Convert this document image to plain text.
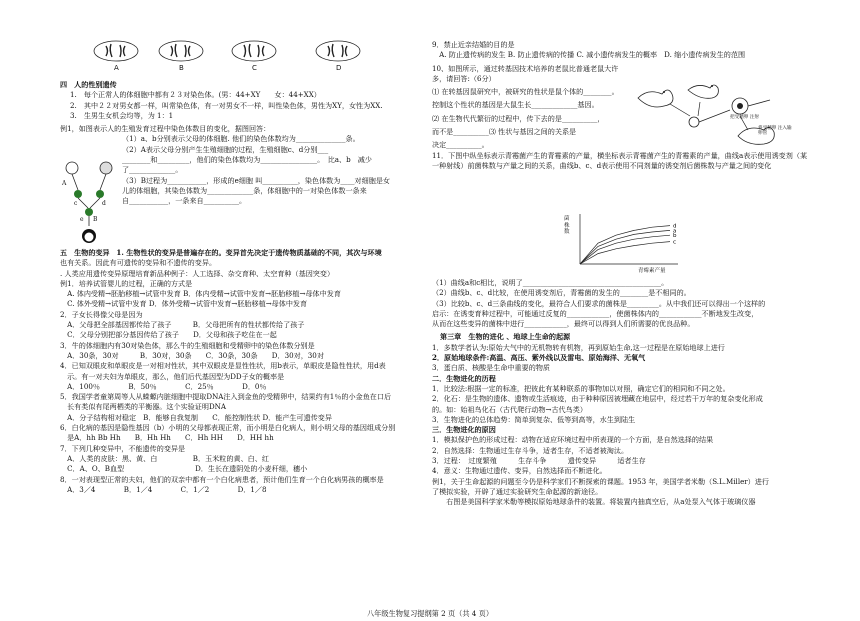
A	B	C	D
四　人的性别遗传
1.　每个正常人的体细胞中都有２３对染色体。(男：44+XY　　女：44+XX）
2.　其中２２对男女都一样，叫常染色体，有一对男女不一样，叫性染色体，男性为XY，女性为XX.
3.　生男生女机会均等，为 1：1
例1，如图表示人的生殖发育过程中染色体数目的变化，据图回答：
（1）a、b分别表示父母的体细胞. 他们的染色体数均为______________条。
（2）A表示父母分别产生生殖细胞的过程，生殖细胞c、d分别___
________和_________，他们的染色体数均为________________。　比a、b　减少
了_____________。
（3）B过程为___________，形成的e细胞 叫__________，染色体数为____对细胞是女
儿的体细胞，其染色体数为_____________条，体细胞中的一对染色体数一条来
自___________，一条来自__________。
A
c	d
B
e
五　生物的变异 1. 生物性状的变异是普遍存在的。变异首先决定于遗传物质基础的不同，其次与环境
也有关系。因此有可遗传的变异和不遗传的变异。
. 人类应用遗传变异原理培育新品种例子：人工选择、杂交育种、太空育种（基因突变）
例1．培养试管婴儿的过程，正确的方式是
　A. 体内受精→胚胎移植→试管中发育 B．体内受精→试管中发育→胚胎移植→母体中发育
　C. 体外受精→试管中发育 D．体外受精→试管中发育→胚胎移植→母体中发育
2．子女长得像父母是因为
　A．父母把全部基因都传给了孩子　　　B．父母把所有的性状都传给了孩子
　C．父母分别把部分基因传给了孩子　　D．父母和孩子吃住在一起
3．牛的体细胞内有30对染色体，那么牛的生殖细胞和受精卵中的染色体数分别是
　A．30条，30对　　　B．30对，30条　　C．30条，30条　　D．30对，30对
4．已知双眼皮和单眼皮是一对相对性状，其中双眼皮是显性性状，用b表示，单眼皮是隐性性状，用d表
　示。有一对夫妇为单眼皮，那么，他们后代基因型为DD子女的概率是
　A．100％　　　　B．50％　　　　C．25％　　　　D．0％
5．我国学者童第周等人从蝾螈内脏细胞中提取DNA注入到金鱼的受精卵中，结果约有1％的小金鱼在口后
　长有类似有尾两栖类的平衡器。这个实验证明DNA
　A．分子结构相对稳定　B．能够自我复制　　C．能控制性状 D．能产生可遗传变异
6．白化病的基因是隐性基因（b）小明的父母都表现正常，而小明是白化病人，则小明父母的基因组成分别
　是A．hh Bb Hh　　B．Hh Hh　　C．Hh HH　　D．HH hh
7．下列几种变异中，不能遗传的变异是
　A．人类的皮肤：黑、黄、白　　　　　B．玉米粒的黄、白、红
　C．A、O、B血型　　　　　　　　　　D．生长在遗阴处的小麦秆细，穗小
8．一对表现型正常的夫妇，他们的双亲中都有一个白化病患者，预计他们生育一个白化病男孩的概率是
　A．3／4　　　　B．1／4　　　　C．1／2　　　　D．1／8
9．禁止近亲结婚的目的是
　A. 防止遗传病的发生 B. 防止遗传病的传播 C. 减小遗传病发生的概率　D. 缩小遗传病发生的范围
10、如图所示，通过转基因技术培养的老鼠比普通老鼠大许
多，请回答:（6分）
⑴ 在转基因鼠研究中，被研究的性状是鼠个体的________。
控制这个性状的基因是大鼠生长_____________基因。
⑵ 在生物代代繁衍的过程中，传下去的是__________，
而不是__________⑶ 性状与基因之间的关系是
决定__________。
11．下图中纵坐标表示青霉菌产生的青霉素的产量，横坐标表示青霉菌产生的青霉素的产量，曲线a表示使用诱变剂（某
一种射线）前菌株数与产量之间的关系，曲线b、c、d表示使用不同剂量的诱变剂后菌株数与产量之间的变化
把受精卵 注射
将受精卵 注入输卵管
d
a
b
c
菌株数
青霉素产量
（1）曲线a和c相比，说明了_______________________________________。
（2）曲线b、c、d比较，在使用诱变剂后，青霉菌的发生的________是不相同的。
（3）比较b、c、d三条曲线的变化，最符合人们要求的菌株是_________。从中我们还可以得出一个这样的
启示：在诱变育种过程中，可能通过反复的____________，使菌株体内的____________不断地发生改变，
从而在这些变异的菌株中进行____________，最终可以得到人们所需要的优良品种。
第三章　生物的进化 、地球上生命的起源
1．多数学者认为:原始大气中的无机物转有机物，再到原始生命,这一过程是在原始地球上进行
2．原始地球条件:高温、高压、紫外线以及雷电、原始海洋、无氧气
3．蛋白质、核酸是生命中重要的物质
二．生物进化的历程
1．比较法:根据一定的标准，把彼此有某种联系的事物加以对照，确定它们的相同和不同之处。
2．化石：是生物的遗体、遗物或生活痕迹，由于种种原因被埋藏在地层中，经过若干万年的复杂变化形成
的。如：始祖鸟化石（古代爬行动物→古代鸟类）
3．生物进化的总体趋势：简单到复杂、低等到高等，水生到陆生
三．生物进化的原因
1．模拟保护色的形成过程：动物在适应环境过程中所表现的一个方面，是自然选择的结果
2．自然选择：生物通过生存斗争，适者生存，不适者被淘汰。
3．过程：　过度繁殖　　　生存斗争　　　遗传变异　　　适者生存
4．意义：生物通过遗传、变异，自然选择而不断进化。
例1，关于生命起源的问题至今仍是科学家们不断探索的课题。1953 年，美国学者米勒（S.L.Miller）进行
了模拟实验，开辟了通过实验研究生命起源的新途径。
　　右图是美国科学家米勒等模拟原始地球条件的装置。将装置内抽真空后，从a处泵入气体于玻璃仪器
八年级生物复习提纲第 2 页（共 4 页）
